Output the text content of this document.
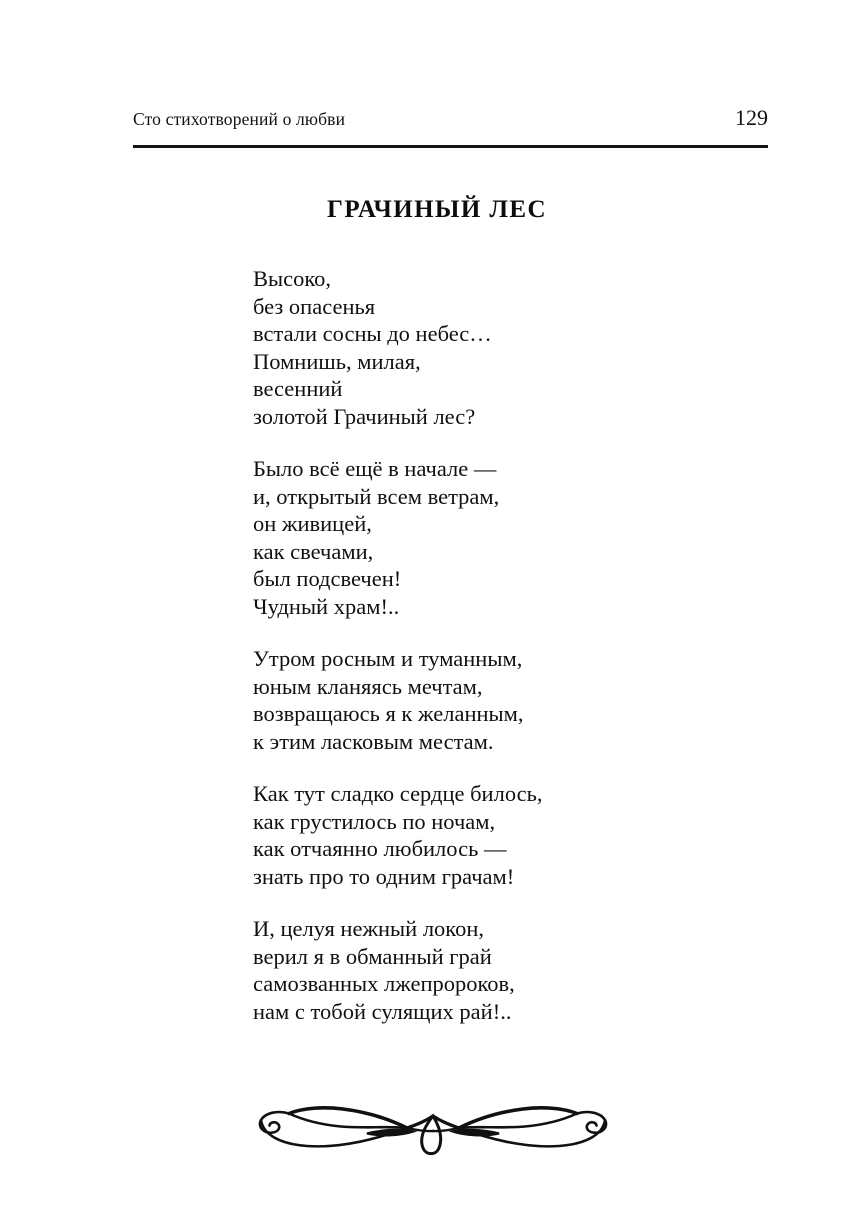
Сто стихотворений о любви	129
ГРАЧИНЫЙ ЛЕС
Высоко,
без опасенья
встали сосны до небес…
Помнишь, милая,
весенний
золотой Грачиный лес?
Было всё ещё в начале —
и, открытый всем ветрам,
он живицей,
как свечами,
был подсвечен!
Чудный храм!..
Утром росным и туманным,
юным кланяясь мечтам,
возвращаюсь я к желанным,
к этим ласковым местам.
Как тут сладко сердце билось,
как грустилось по ночам,
как отчаянно любилось —
знать про то одним грачам!
И, целуя нежный локон,
верил я в обманный грай
самозванных лжепророков,
нам с тобой сулящих рай!..
